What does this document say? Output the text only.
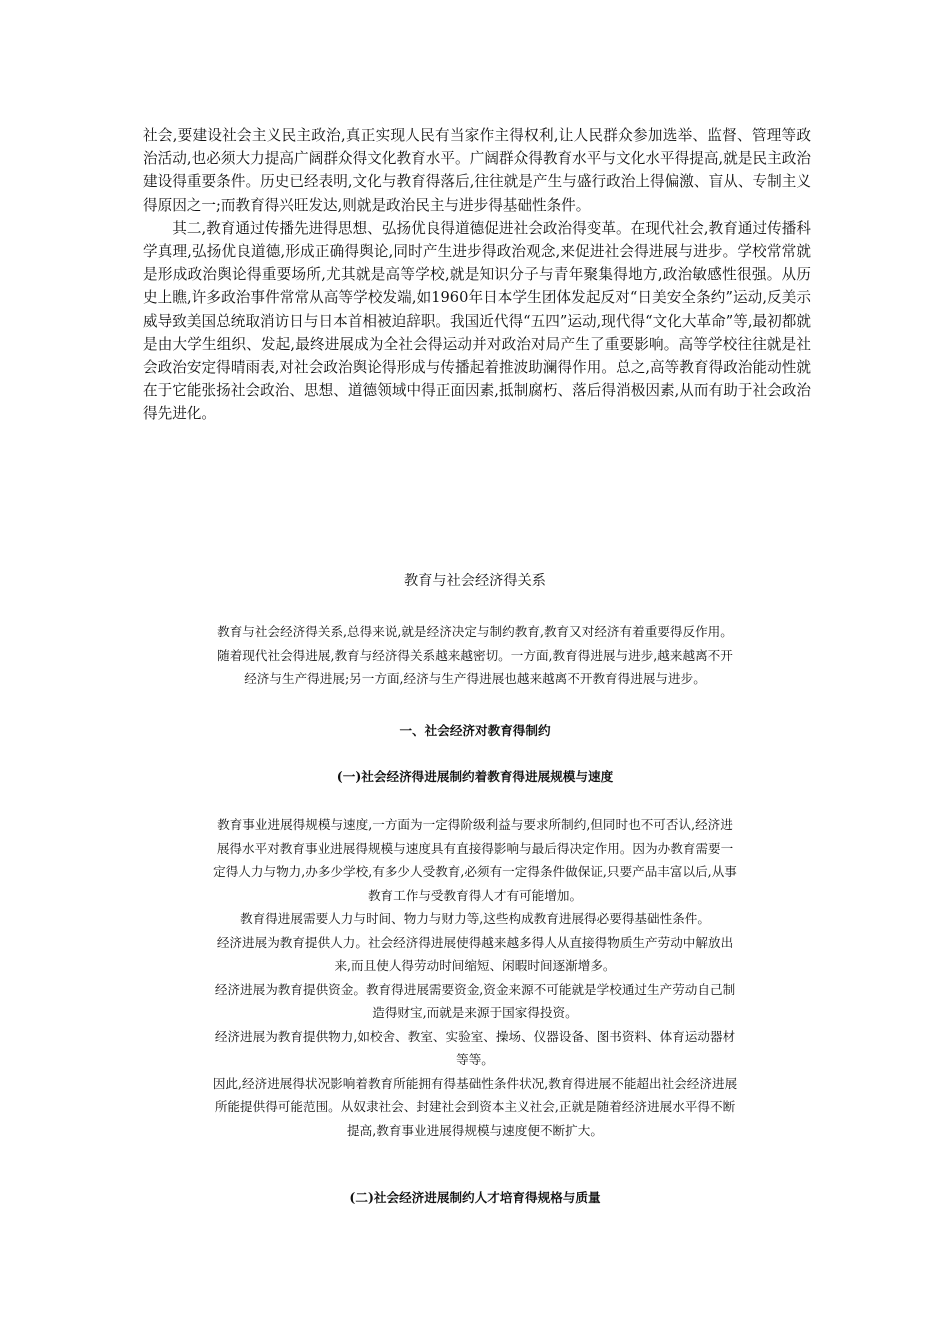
社会,要建设社会主义民主政治,真正实现人民有当家作主得权利,让人民群众参加选举、监督、管理等政治活动,也必须大力提高广阔群众得文化教育水平。广阔群众得教育水平与文化水平得提高,就是民主政治建设得重要条件。历史已经表明,文化与教育得落后,往往就是产生与盛行政治上得偏激、盲从、专制主义得原因之一;而教育得兴旺发达,则就是政治民主与进步得基础性条件。

其二,教育通过传播先进得思想、弘扬优良得道德促进社会政治得变革。在现代社会,教育通过传播科学真理,弘扬优良道德,形成正确得舆论,同时产生进步得政治观念,来促进社会得进展与进步。学校常常就是形成政治舆论得重要场所,尤其就是高等学校,就是知识分子与青年聚集得地方,政治敏感性很强。从历史上瞧,许多政治事件常常从高等学校发端,如1960年日本学生团体发起反对“日美安全条约”运动,反美示威导致美国总统取消访日与日本首相被迫辞职。我国近代得“五四”运动,现代得“文化大革命”等,最初都就是由大学生组织、发起,最终进展成为全社会得运动并对政治对局产生了重要影响。高等学校往往就是社会政治安定得晴雨表,对社会政治舆论得形成与传播起着推波助澜得作用。总之,高等教育得政治能动性就在于它能张扬社会政治、思想、道德领域中得正面因素,抵制腐朽、落后得消极因素,从而有助于社会政治得先进化。

教育与社会经济得关系

教育与社会经济得关系,总得来说,就是经济决定与制约教育,教育又对经济有着重要得反作用。

随着现代社会得进展,教育与经济得关系越来越密切。一方面,教育得进展与进步,越来越离不开

经济与生产得进展;另一方面,经济与生产得进展也越来越离不开教育得进展与进步。

一、社会经济对教育得制约
(一)社会经济得进展制约着教育得进展规模与速度

教育事业进展得规模与速度,一方面为一定得阶级利益与要求所制约,但同时也不可否认,经济进

展得水平对教育事业进展得规模与速度具有直接得影响与最后得决定作用。因为办教育需要一

定得人力与物力,办多少学校,有多少人受教育,必须有一定得条件做保证,只要产品丰富以后,从事

教育工作与受教育得人才有可能增加。

教育得进展需要人力与时间、物力与财力等,这些构成教育进展得必要得基础性条件。

经济进展为教育提供人力。社会经济得进展使得越来越多得人从直接得物质生产劳动中解放出

来,而且使人得劳动时间缩短、闲暇时间逐渐增多。

经济进展为教育提供资金。教育得进展需要资金,资金来源不可能就是学校通过生产劳动自己制

造得财宝,而就是来源于国家得投资。

经济进展为教育提供物力,如校舍、教室、实验室、操场、仪器设备、图书资料、体育运动器材

等等。

因此,经济进展得状况影响着教育所能拥有得基础性条件状况,教育得进展不能超出社会经济进展

所能提供得可能范围。从奴隶社会、封建社会到资本主义社会,正就是随着经济进展水平得不断

提高,教育事业进展得规模与速度便不断扩大。

(二)社会经济进展制约人才培育得规格与质量
